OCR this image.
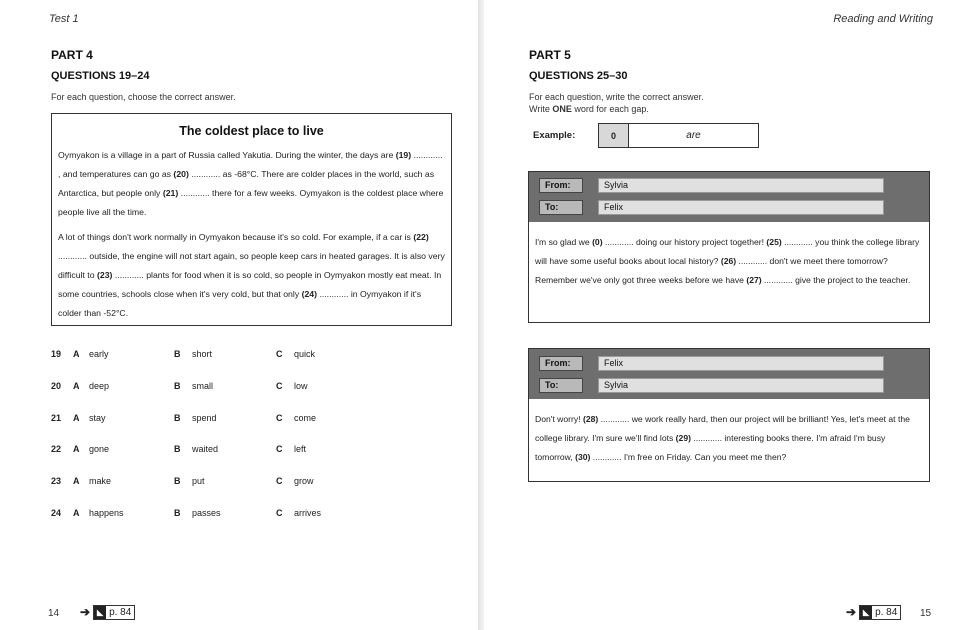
Test 1
PART 4
QUESTIONS 19–24
For each question, choose the correct answer.
The coldest place to live
Oymyakon is a village in a part of Russia called Yakutia. During the winter, the days are (19) ............ , and temperatures can go as (20) ............ as -68°C. There are colder places in the world, such as Antarctica, but people only (21) ............ there for a few weeks. Oymyakon is the coldest place where people live all the time.
A lot of things don't work normally in Oymyakon because it's so cold. For example, if a car is (22) ............ outside, the engine will not start again, so people keep cars in heated garages. It is also very difficult to (23) ............ plants for food when it is so cold, so people in Oymyakon mostly eat meat. In some countries, schools close when it's very cold, but that only (24) ............ in Oymyakon if it's colder than -52°C.
19 A early	B short	C quick
20 A deep	B small	C low
21 A stay	B spend	C come
22 A gone	B waited	C left
23 A make	B put	C grow
24 A happens	B passes	C arrives
14 ➔ ◣ p. 84
Reading and Writing
PART 5
QUESTIONS 25–30
For each question, write the correct answer.
Write ONE word for each gap.
Example:	0	are
I'm so glad we (0) ............ doing our history project together! (25) ............ you think the college library will have some useful books about local history? (26) ............ don't we meet there tomorrow? Remember we've only got three weeks before we have (27) ............ give the project to the teacher.
From:	Sylvia
To:	Felix
Don't worry! (28) ............ we work really hard, then our project will be brilliant! Yes, let's meet at the college library. I'm sure we'll find lots (29) ............ interesting books there. I'm afraid I'm busy tomorrow, (30) ............ I'm free on Friday. Can you meet me then?
From:	Felix
To:	Sylvia
➔ ◣ p. 84 15
